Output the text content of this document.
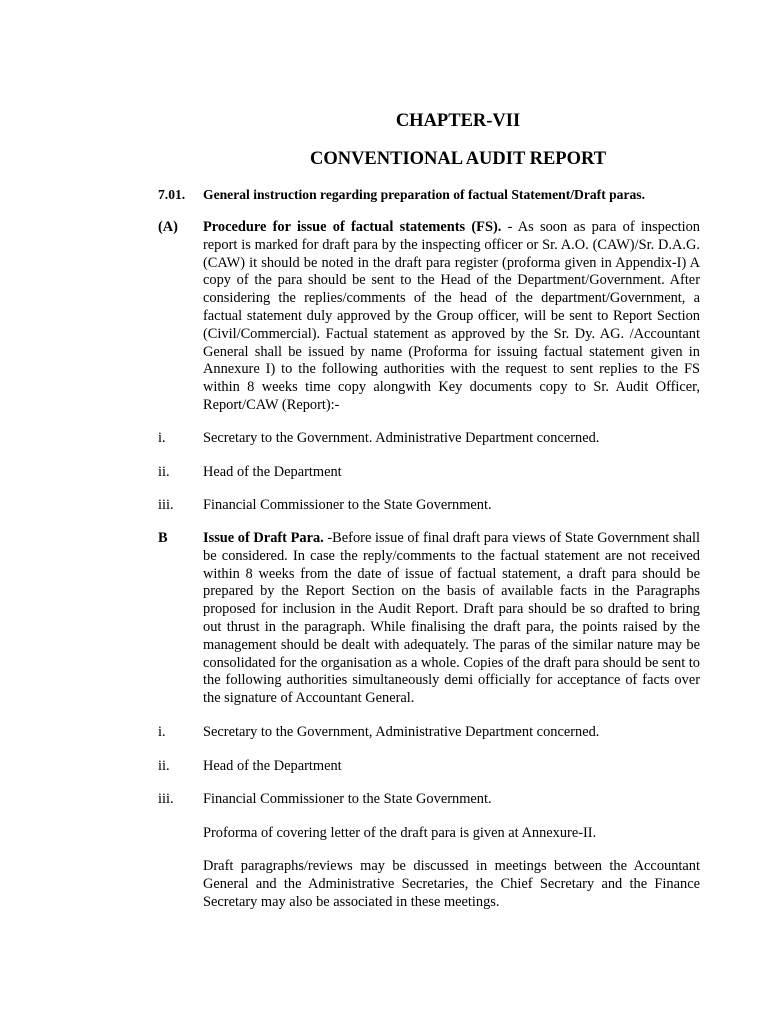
CHAPTER-VII
CONVENTIONAL AUDIT REPORT
7.01.	General instruction regarding preparation of factual Statement/Draft paras.
(A)	Procedure for issue of factual statements (FS). - As soon as para of inspection report is marked for draft para by the inspecting officer or Sr. A.O. (CAW)/Sr. D.A.G. (CAW) it should be noted in the draft para register (proforma given in Appendix-I) A copy of the para should be sent to the Head of the Department/Government. After considering the replies/comments of the head of the department/Government, a factual statement duly approved by the Group officer, will be sent to Report Section (Civil/Commercial). Factual statement as approved by the Sr. Dy. AG. /Accountant General shall be issued by name (Proforma for issuing factual statement given in Annexure I) to the following authorities with the request to sent replies to the FS within 8 weeks time copy alongwith Key documents copy to Sr. Audit Officer, Report/CAW (Report):-
i.	Secretary to the Government. Administrative Department concerned.
ii.	Head of the Department
iii.	Financial Commissioner to the State Government.
B	Issue of Draft Para. -Before issue of final draft para views of State Government shall be considered. In case the reply/comments to the factual statement are not received within 8 weeks from the date of issue of factual statement, a draft para should be prepared by the Report Section on the basis of available facts in the Paragraphs proposed for inclusion in the Audit Report. Draft para should be so drafted to bring out thrust in the paragraph. While finalising the draft para, the points raised by the management should be dealt with adequately. The paras of the similar nature may be consolidated for the organisation as a whole. Copies of the draft para should be sent to the following authorities simultaneously demi officially for acceptance of facts over the signature of Accountant General.
i.	Secretary to the Government, Administrative Department concerned.
ii.	Head of the Department
iii.	Financial Commissioner to the State Government.
Proforma of covering letter of the draft para is given at Annexure-II.
Draft paragraphs/reviews may be discussed in meetings between the Accountant General and the Administrative Secretaries, the Chief Secretary and the Finance Secretary may also be associated in these meetings.
